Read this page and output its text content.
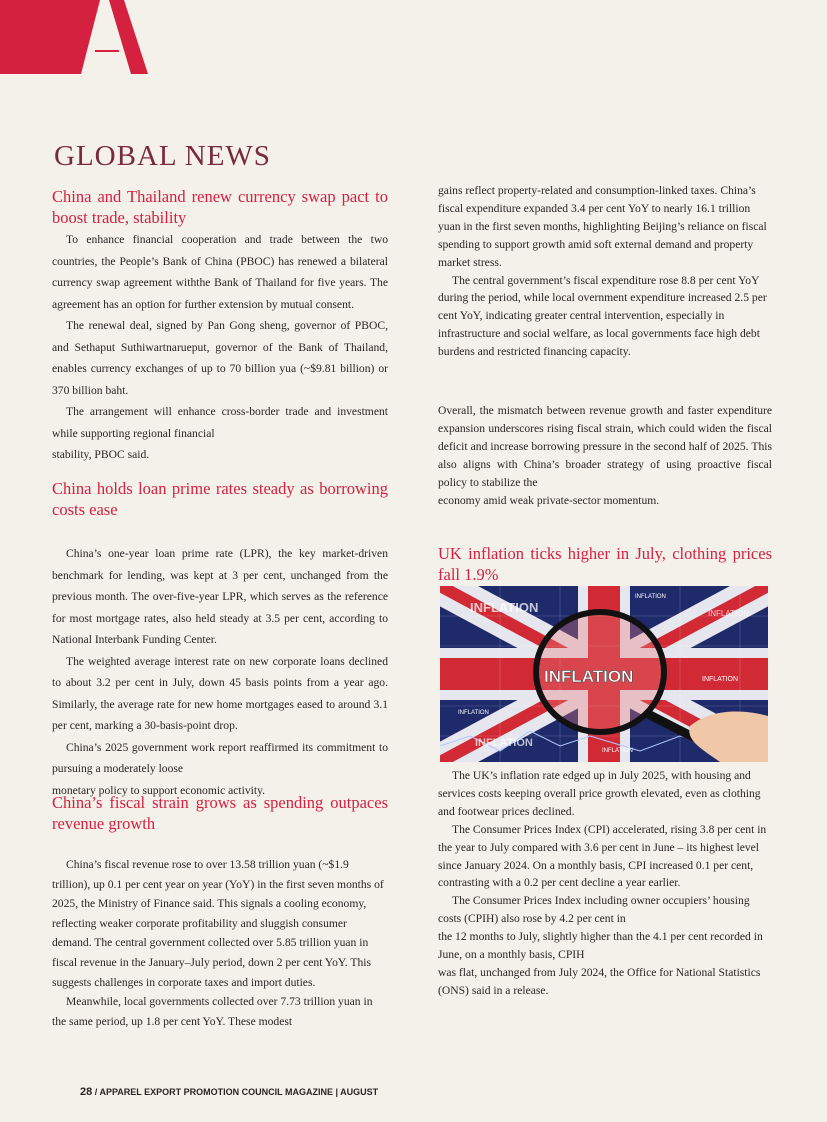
GLOBAL NEWS
China and Thailand renew currency swap pact to boost trade, stability

To enhance financial cooperation and trade between the two countries, the People’s Bank of China (PBOC) has renewed a bilateral currency swap agreement withthe Bank of Thailand for five years. The agreement has an option for further extension by mutual consent.

The renewal deal, signed by Pan Gong sheng, governor of PBOC, and Sethaput Suthiwartnarueput, governor of the Bank of Thailand, enables currency exchanges of up to 70 billion yua (~$9.81 billion) or 370 billion baht.

The arrangement will enhance cross-border trade and investment while supporting regional financial

stability, PBOC said.

China holds loan prime rates steady as borrowing costs ease

China’s one-year loan prime rate (LPR), the key market-driven benchmark for lending, was kept at 3 per cent, unchanged from the previous month. The over-five-year LPR, which serves as the reference for most mortgage rates, also held steady at 3.5 per cent, according to National Interbank Funding Center.

The weighted average interest rate on new corporate loans declined to about 3.2 per cent in July, down 45 basis points from a year ago. Similarly, the average rate for new home mortgages eased to around 3.1 per cent, marking a 30-basis-point drop.

China’s 2025 government work report reaffirmed its commitment to pursuing a moderately loose

monetary policy to support economic activity.

China’s fiscal strain grows as spending outpaces revenue growth

China’s fiscal revenue rose to over 13.58 trillion yuan (~$1.9 trillion), up 0.1 per cent year on year (YoY) in the first seven months of 2025, the Ministry of Finance said. This signals a cooling economy, reflecting weaker corporate profitability and sluggish consumer demand. The central government collected over 5.85 trillion yuan in fiscal revenue in the January–July period, down 2 per cent YoY. This suggests challenges in corporate taxes and import duties.

Meanwhile, local governments collected over 7.73 trillion yuan in the same period, up 1.8 per cent YoY. These modest

gains reflect property-related and consumption-linked taxes. China’s fiscal expenditure expanded 3.4 per cent YoY to nearly 16.1 trillion yuan in the first seven months, highlighting Beijing’s reliance on fiscal spending to support growth amid soft external demand and property market stress.

The central government’s fiscal expenditure rose 8.8 per cent YoY during the period, while local overnment expenditure increased 2.5 per cent YoY, indicating greater central intervention, especially in infrastructure and social welfare, as local governments face high debt burdens and restricted financing capacity.

Overall, the mismatch between revenue growth and faster expenditure expansion underscores rising fiscal strain, which could widen the fiscal deficit and increase borrowing pressure in the second half of 2025. This also aligns with China’s broader strategy of using proactive fiscal policy to stabilize the

economy amid weak private-sector momentum.

UK inflation ticks higher in July, clothing prices fall 1.9%
INFLATION
INFLATION
INFLATION
INFLATION
INFLATION
INFLATION
INFLATION
INFLATION

The UK’s inflation rate edged up in July 2025, with housing and services costs keeping overall price growth elevated, even as clothing and footwear prices declined.

The Consumer Prices Index (CPI) accelerated, rising 3.8 per cent in the year to July compared with 3.6 per cent in June – its highest level since January 2024. On a monthly basis, CPI increased 0.1 per cent, contrasting with a 0.2 per cent decline a year earlier.

The Consumer Prices Index including owner occupiers’ housing costs (CPIH) also rose by 4.2 per cent in

the 12 months to July, slightly higher than the 4.1 per cent recorded in June, on a monthly basis, CPIH

was flat, unchanged from July 2024, the Office for National Statistics (ONS) said in a release.

28 / APPAREL EXPORT PROMOTION COUNCIL MAGAZINE | AUGUST
